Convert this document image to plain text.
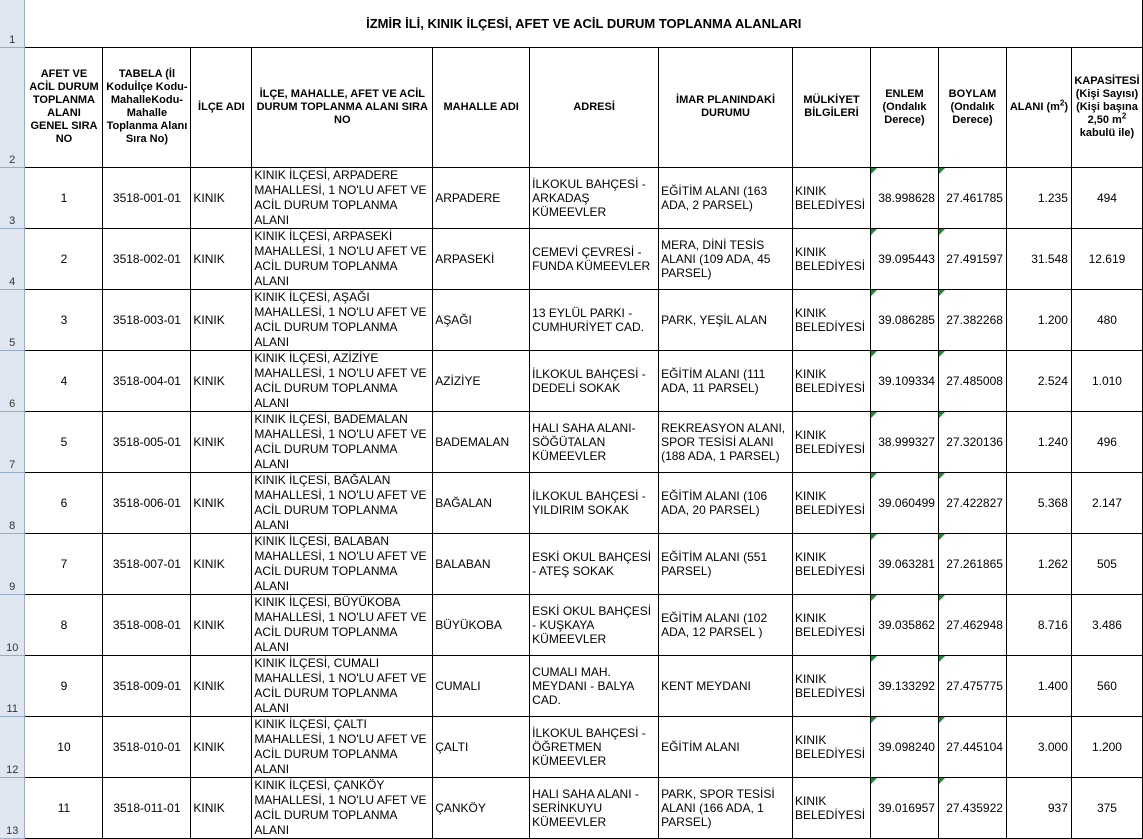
1	İZMİR İLİ, KINIK İLÇESİ, AFET VE ACİL DURUM TOPLANMA ALANLARI											
2	AFET VE ACİL DURUM TOPLANMA ALANI GENEL SIRA NO	TABELA (İl Koduİlçe Kodu-MahalleKodu-Mahalle Toplanma Alanı Sıra No)	İLÇE ADI	İLÇE, MAHALLE, AFET VE ACİL DURUM TOPLANMA ALANI SIRA NO	MAHALLE ADI	ADRESİ	İMAR PLANINDAKİ DURUMU	MÜLKİYET BİLGİLERİ	ENLEM (Ondalık Derece)	BOYLAM (Ondalık Derece)	ALANI $(m^2)$	KAPASİTESİ (Kişi Sayısı) (Kişi başına 2,50 $m^2$ kabulü ile)
3	1	3518-001-01	KINIK	KINIK İLÇESİ, ARPADERE MAHALLESİ, 1 NO'LU AFET VE ACİL DURUM TOPLANMA ALANI	ARPADERE	İLKOKUL BAHÇESİ - ARKADAŞ KÜMEEVLER	EĞİTİM ALANI (163 ADA, 2 PARSEL)	KINIK BELEDİYESİ	38.998628	27.461785	1.235	494
4	2	3518-002-01	KINIK	KINIK İLÇESİ, ARPASEKİ MAHALLESİ, 1 NO'LU AFET VE ACİL DURUM TOPLANMA ALANI	ARPASEKİ	CEMEVİ ÇEVRESİ - FUNDA KÜMEEVLER	MERA, DİNİ TESİS ALANI (109 ADA, 45 PARSEL)	KINIK BELEDİYESİ	39.095443	27.491597	31.548	12.619
5	3	3518-003-01	KINIK	KINIK İLÇESİ, AŞAĞI MAHALLESİ, 1 NO'LU AFET VE ACİL DURUM TOPLANMA ALANI	AŞAĞI	13 EYLÜL PARKI - CUMHURİYET CAD.	PARK, YEŞİL ALAN	KINIK BELEDİYESİ	39.086285	27.382268	1.200	480
6	4	3518-004-01	KINIK	KINIK İLÇESİ, AZİZİYE MAHALLESİ, 1 NO'LU AFET VE ACİL DURUM TOPLANMA ALANI	AZİZİYE	İLKOKUL BAHÇESİ - DEDELİ SOKAK	EĞİTİM ALANI (111 ADA, 11 PARSEL)	KINIK BELEDİYESİ	39.109334	27.485008	2.524	1.010
7	5	3518-005-01	KINIK	KINIK İLÇESİ, BADEMALAN MAHALLESİ, 1 NO'LU AFET VE ACİL DURUM TOPLANMA ALANI	BADEMALAN	HALI SAHA ALANI- SÖĞÜTALAN KÜMEEVLER	REKREASYON ALANI, SPOR TESİSİ ALANI (188 ADA, 1 PARSEL)	KINIK BELEDİYESİ	38.999327	27.320136	1.240	496
8	6	3518-006-01	KINIK	KINIK İLÇESİ, BAĞALAN MAHALLESİ, 1 NO'LU AFET VE ACİL DURUM TOPLANMA ALANI	BAĞALAN	İLKOKUL BAHÇESİ - YILDIRIM SOKAK	EĞİTİM ALANI (106 ADA, 20 PARSEL)	KINIK BELEDİYESİ	39.060499	27.422827	5.368	2.147
9	7	3518-007-01	KINIK	KINIK İLÇESİ, BALABAN MAHALLESİ, 1 NO'LU AFET VE ACİL DURUM TOPLANMA ALANI	BALABAN	ESKİ OKUL BAHÇESİ - ATEŞ SOKAK	EĞİTİM ALANI (551 PARSEL)	KINIK BELEDİYESİ	39.063281	27.261865	1.262	505
10	8	3518-008-01	KINIK	KINIK İLÇESİ, BÜYÜKOBA MAHALLESİ, 1 NO'LU AFET VE ACİL DURUM TOPLANMA ALANI	BÜYÜKOBA	ESKİ OKUL BAHÇESİ - KUŞKAYA KÜMEEVLER	EĞİTİM ALANI (102 ADA, 12 PARSEL )	KINIK BELEDİYESİ	39.035862	27.462948	8.716	3.486
11	9	3518-009-01	KINIK	KINIK İLÇESİ, CUMALI MAHALLESİ, 1 NO'LU AFET VE ACİL DURUM TOPLANMA ALANI	CUMALI	CUMALI MAH. MEYDANI - BALYA CAD.	KENT MEYDANI	KINIK BELEDİYESİ	39.133292	27.475775	1.400	560
12	10	3518-010-01	KINIK	KINIK İLÇESİ, ÇALTI MAHALLESİ, 1 NO'LU AFET VE ACİL DURUM TOPLANMA ALANI	ÇALTI	İLKOKUL BAHÇESİ - ÖĞRETMEN KÜMEEVLER	EĞİTİM ALANI	KINIK BELEDİYESİ	39.098240	27.445104	3.000	1.200
13	11	3518-011-01	KINIK	KINIK İLÇESİ, ÇANKÖY MAHALLESİ, 1 NO'LU AFET VE ACİL DURUM TOPLANMA ALANI	ÇANKÖY	HALI SAHA ALANI - SERİNKUYU KÜMEEVLER	PARK, SPOR TESİSİ ALANI (166 ADA, 1 PARSEL)	KINIK BELEDİYESİ	39.016957	27.435922	937	375
